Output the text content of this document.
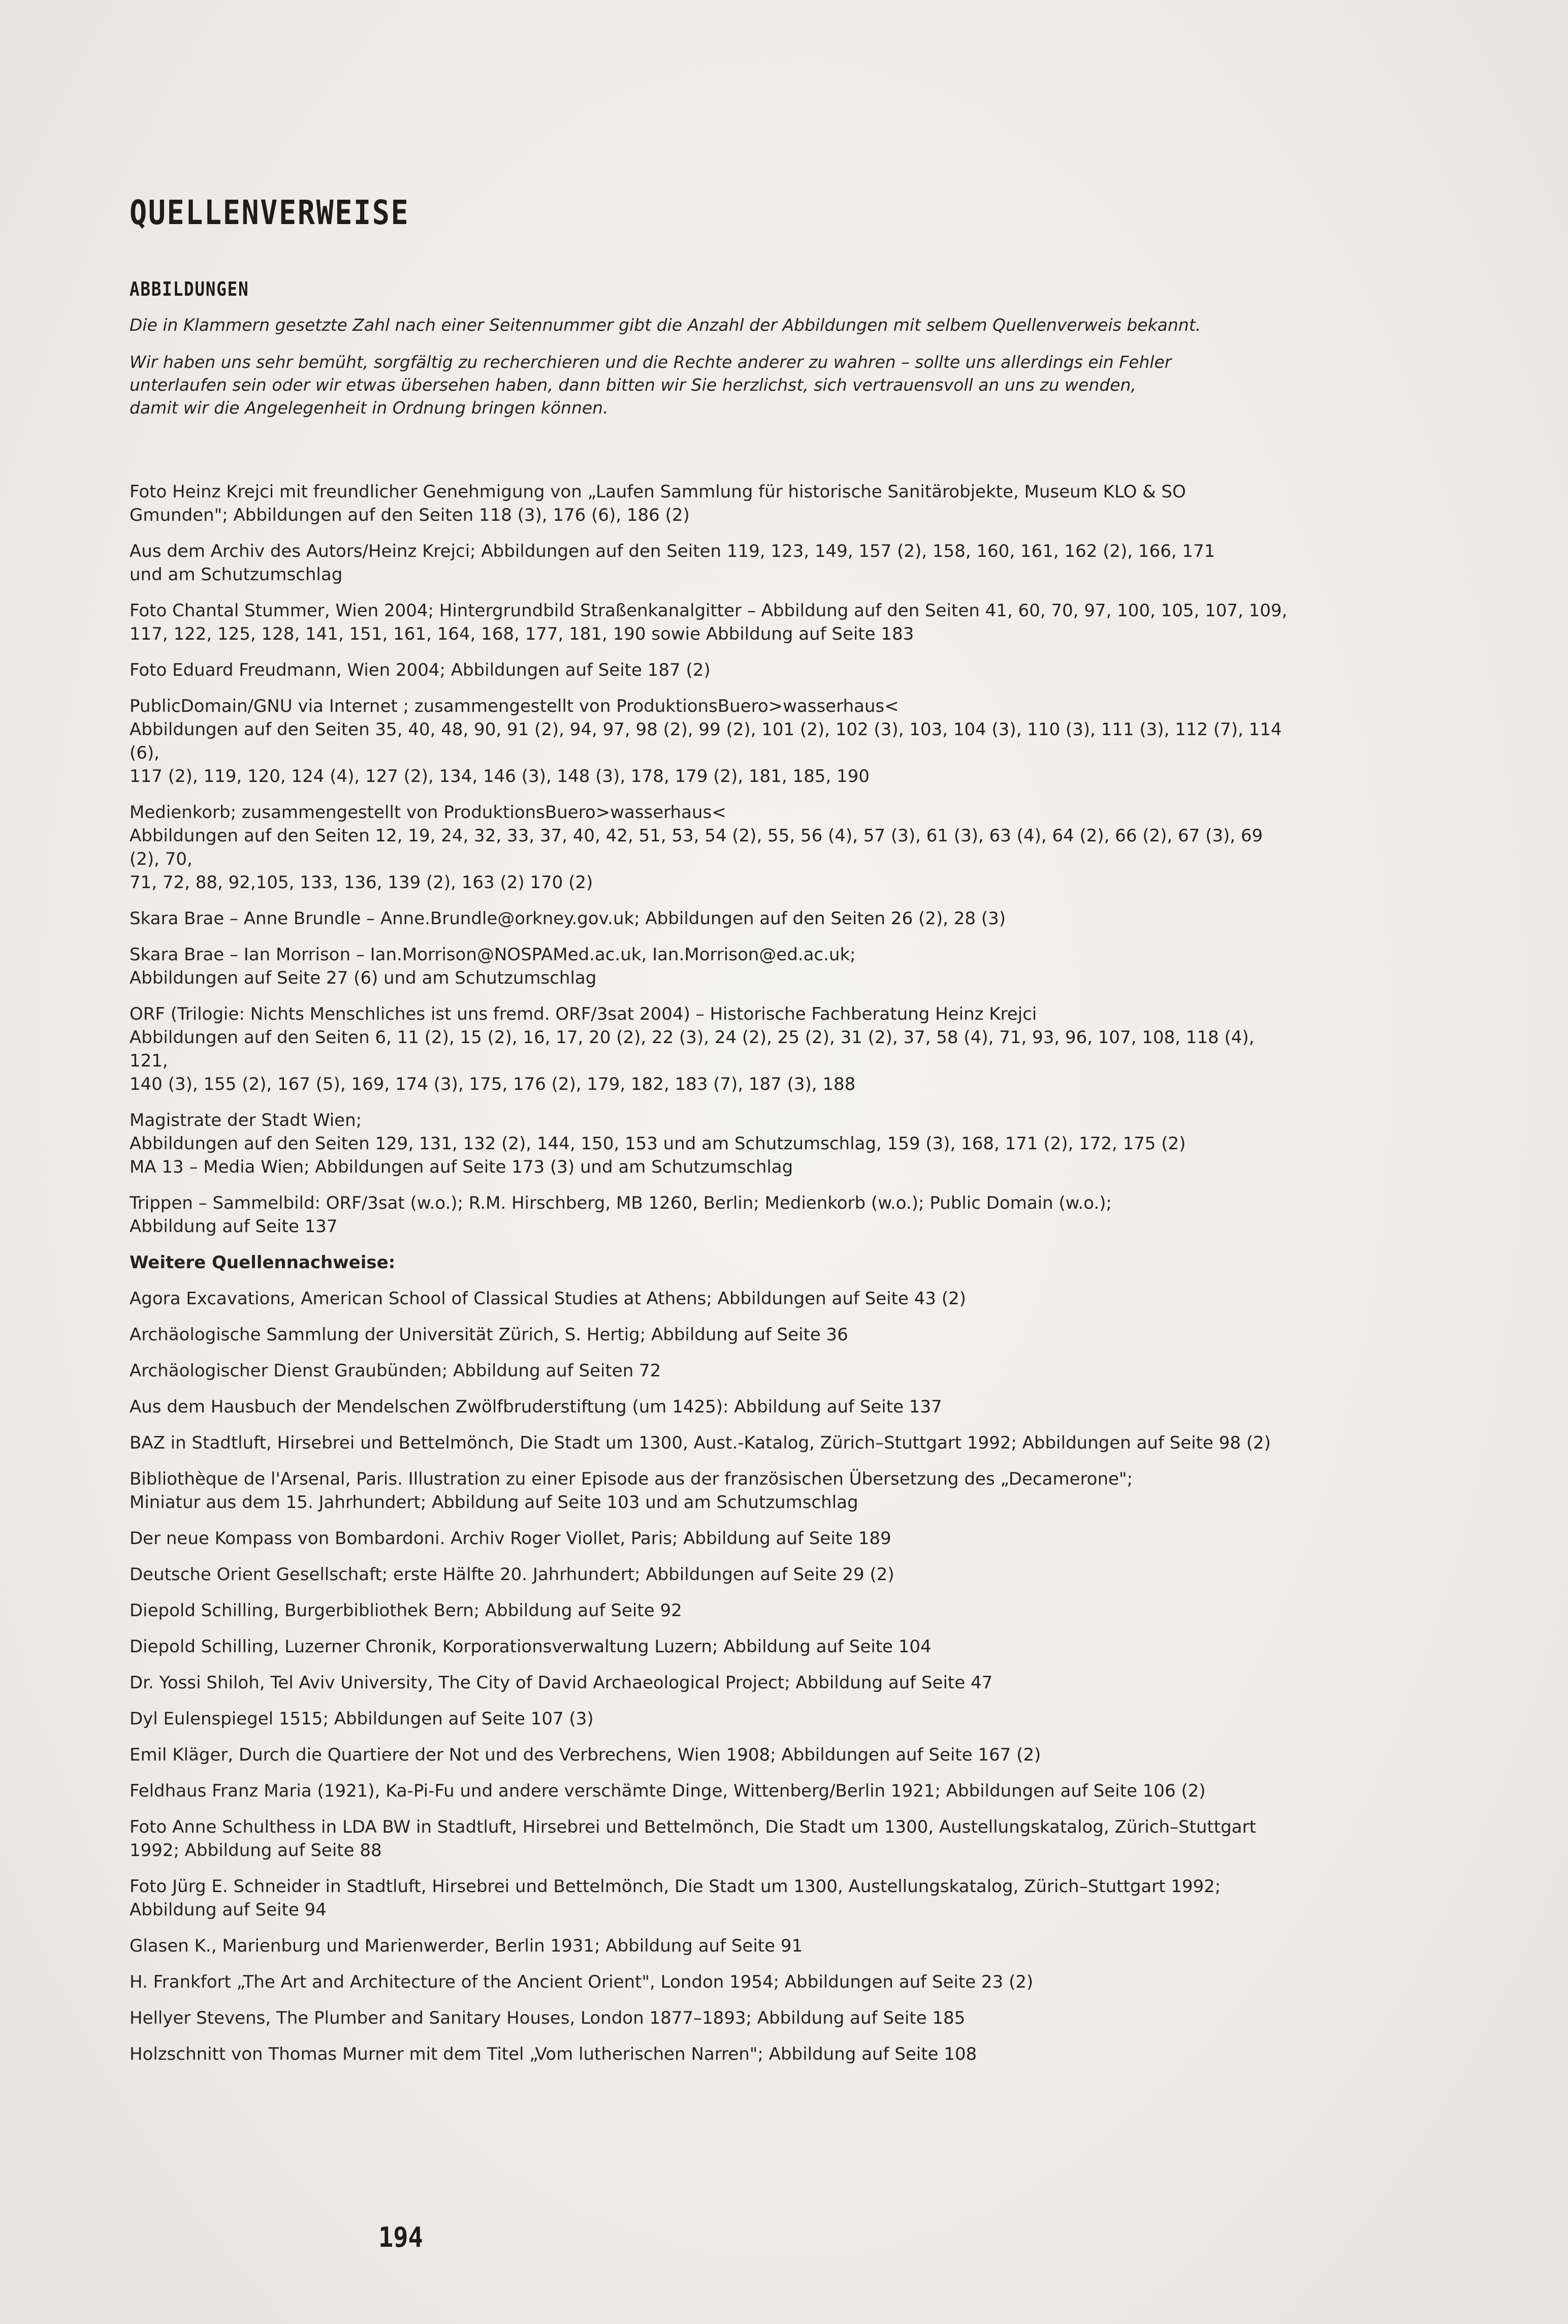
QUELLENVERWEISE
ABBILDUNGEN

Die in Klammern gesetzte Zahl nach einer Seitennummer gibt die Anzahl der Abbildungen mit selbem Quellenverweis bekannt.

Wir haben uns sehr bemüht, sorgfältig zu recherchieren und die Rechte anderer zu wahren – sollte uns allerdings ein Fehler
unterlaufen sein oder wir etwas übersehen haben, dann bitten wir Sie herzlichst, sich vertrauensvoll an uns zu wenden,
damit wir die Angelegenheit in Ordnung bringen können.

Foto Heinz Krejci mit freundlicher Genehmigung von „Laufen Sammlung für historische Sanitärobjekte, Museum KLO & SO
Gmunden"; Abbildungen auf den Seiten 118 (3), 176 (6), 186 (2)

Aus dem Archiv des Autors/Heinz Krejci; Abbildungen auf den Seiten 119, 123, 149, 157 (2), 158, 160, 161, 162 (2), 166, 171
und am Schutzumschlag

Foto Chantal Stummer, Wien 2004; Hintergrundbild Straßenkanalgitter – Abbildung auf den Seiten 41, 60, 70, 97, 100, 105, 107, 109,
117, 122, 125, 128, 141, 151, 161, 164, 168, 177, 181, 190 sowie Abbildung auf Seite 183

Foto Eduard Freudmann, Wien 2004; Abbildungen auf Seite 187 (2)

PublicDomain/GNU via Internet ; zusammengestellt von ProduktionsBuero>wasserhaus<
Abbildungen auf den Seiten 35, 40, 48, 90, 91 (2), 94, 97, 98 (2), 99 (2), 101 (2), 102 (3), 103, 104 (3), 110 (3), 111 (3), 112 (7), 114 (6),
117 (2), 119, 120, 124 (4), 127 (2), 134, 146 (3), 148 (3), 178, 179 (2), 181, 185, 190

Medienkorb; zusammengestellt von ProduktionsBuero>wasserhaus<
Abbildungen auf den Seiten 12, 19, 24, 32, 33, 37, 40, 42, 51, 53, 54 (2), 55, 56 (4), 57 (3), 61 (3), 63 (4), 64 (2), 66 (2), 67 (3), 69 (2), 70,
71, 72, 88, 92,105, 133, 136, 139 (2), 163 (2) 170 (2)

Skara Brae – Anne Brundle – Anne.Brundle@orkney.gov.uk; Abbildungen auf den Seiten 26 (2), 28 (3)

Skara Brae – Ian Morrison – Ian.Morrison@NOSPAMed.ac.uk, Ian.Morrison@ed.ac.uk;
Abbildungen auf Seite 27 (6) und am Schutzumschlag

ORF (Trilogie: Nichts Menschliches ist uns fremd. ORF/3sat 2004) – Historische Fachberatung Heinz Krejci
Abbildungen auf den Seiten 6, 11 (2), 15 (2), 16, 17, 20 (2), 22 (3), 24 (2), 25 (2), 31 (2), 37, 58 (4), 71, 93, 96, 107, 108, 118 (4), 121,
140 (3), 155 (2), 167 (5), 169, 174 (3), 175, 176 (2), 179, 182, 183 (7), 187 (3), 188

Magistrate der Stadt Wien;
Abbildungen auf den Seiten 129, 131, 132 (2), 144, 150, 153 und am Schutzumschlag, 159 (3), 168, 171 (2), 172, 175 (2)
MA 13 – Media Wien; Abbildungen auf Seite 173 (3) und am Schutzumschlag

Trippen – Sammelbild: ORF/3sat (w.o.); R.M. Hirschberg, MB 1260, Berlin; Medienkorb (w.o.); Public Domain (w.o.);
Abbildung auf Seite 137

Weitere Quellennachweise:

Agora Excavations, American School of Classical Studies at Athens; Abbildungen auf Seite 43 (2)

Archäologische Sammlung der Universität Zürich, S. Hertig; Abbildung auf Seite 36

Archäologischer Dienst Graubünden; Abbildung auf Seiten 72

Aus dem Hausbuch der Mendelschen Zwölfbruderstiftung (um 1425): Abbildung auf Seite 137

BAZ in Stadtluft, Hirsebrei und Bettelmönch, Die Stadt um 1300, Aust.-Katalog, Zürich–Stuttgart 1992; Abbildungen auf Seite 98 (2)

Bibliothèque de l'Arsenal, Paris. Illustration zu einer Episode aus der französischen Übersetzung des „Decamerone";
Miniatur aus dem 15. Jahrhundert; Abbildung auf Seite 103 und am Schutzumschlag

Der neue Kompass von Bombardoni. Archiv Roger Viollet, Paris; Abbildung auf Seite 189

Deutsche Orient Gesellschaft; erste Hälfte 20. Jahrhundert; Abbildungen auf Seite 29 (2)

Diepold Schilling, Burgerbibliothek Bern; Abbildung auf Seite 92

Diepold Schilling, Luzerner Chronik, Korporationsverwaltung Luzern; Abbildung auf Seite 104

Dr. Yossi Shiloh, Tel Aviv University, The City of David Archaeological Project; Abbildung auf Seite 47

Dyl Eulenspiegel 1515; Abbildungen auf Seite 107 (3)

Emil Kläger, Durch die Quartiere der Not und des Verbrechens, Wien 1908; Abbildungen auf Seite 167 (2)

Feldhaus Franz Maria (1921), Ka-Pi-Fu und andere verschämte Dinge, Wittenberg/Berlin 1921; Abbildungen auf Seite 106 (2)

Foto Anne Schulthess in LDA BW in Stadtluft, Hirsebrei und Bettelmönch, Die Stadt um 1300, Austellungskatalog, Zürich–Stuttgart
1992; Abbildung auf Seite 88

Foto Jürg E. Schneider in Stadtluft, Hirsebrei und Bettelmönch, Die Stadt um 1300, Austellungskatalog, Zürich–Stuttgart 1992;
Abbildung auf Seite 94

Glasen K., Marienburg und Marienwerder, Berlin 1931; Abbildung auf Seite 91

H. Frankfort „The Art and Architecture of the Ancient Orient", London 1954; Abbildungen auf Seite 23 (2)

Hellyer Stevens, The Plumber and Sanitary Houses, London 1877–1893; Abbildung auf Seite 185

Holzschnitt von Thomas Murner mit dem Titel „Vom lutherischen Narren"; Abbildung auf Seite 108

194
